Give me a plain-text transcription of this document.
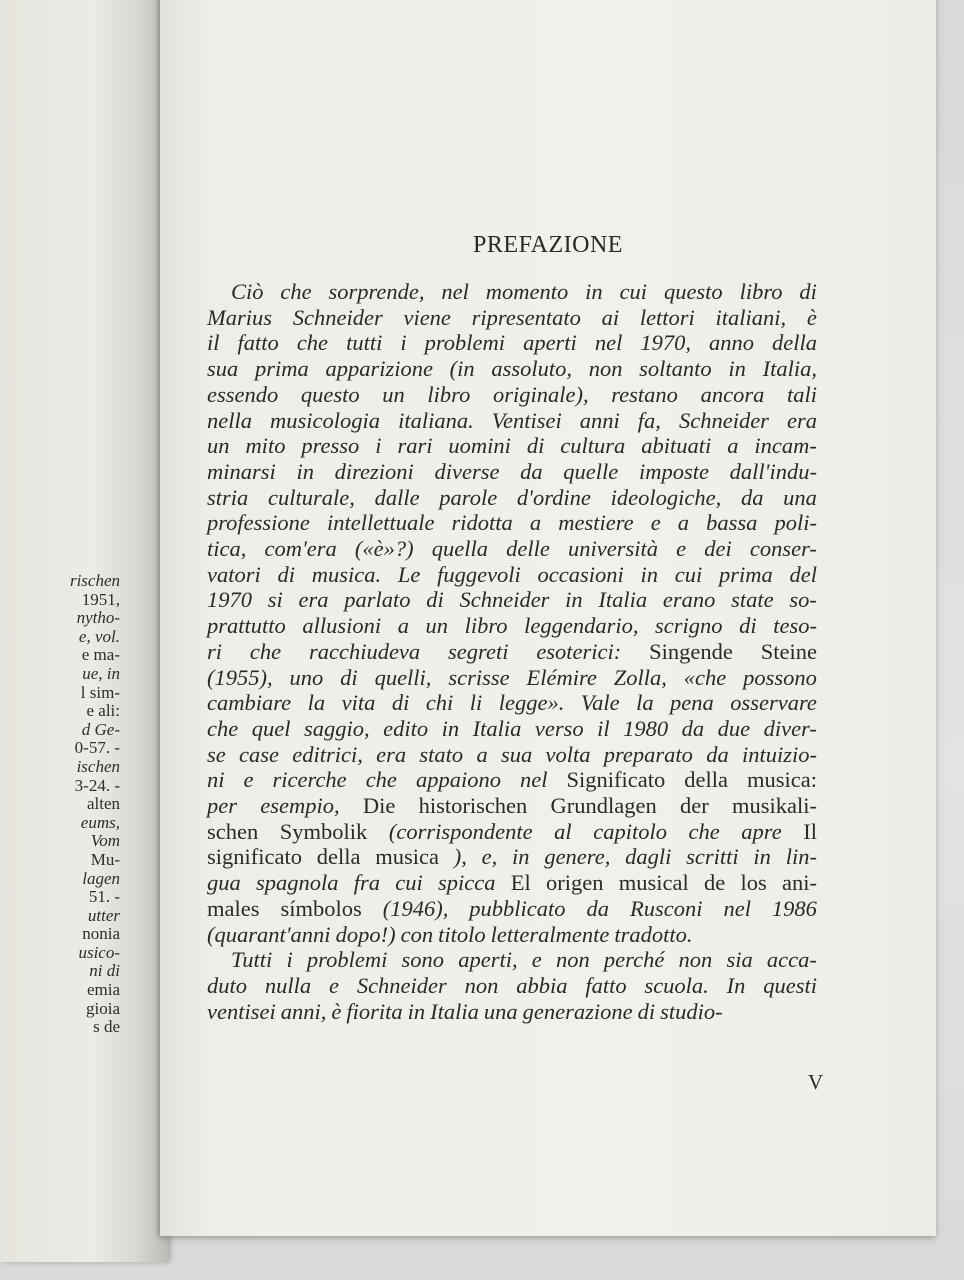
rischen
1951,
nytho-
e, vol.
e ma-
ue, in
l sim-
e ali:
d Ge-
0-57. -
ischen
3-24. -
alten
eums,
Vom
Mu-
lagen
51. -
utter
nonia
usico-
ni di
emia
gioia
s de
PREFAZIONE
Ciò che sorprende, nel momento in cui questo libro di
Marius Schneider viene ripresentato ai lettori italiani, è
il fatto che tutti i problemi aperti nel 1970, anno della
sua prima apparizione (in assoluto, non soltanto in Italia,
essendo questo un libro originale), restano ancora tali
nella musicologia italiana. Ventisei anni fa, Schneider era
un mito presso i rari uomini di cultura abituati a incam-
minarsi in direzioni diverse da quelle imposte dall'indu-
stria culturale, dalle parole d'ordine ideologiche, da una
professione intellettuale ridotta a mestiere e a bassa poli-
tica, com'era («è»?) quella delle università e dei conser-
vatori di musica. Le fuggevoli occasioni in cui prima del
1970 si era parlato di Schneider in Italia erano state so-
prattutto allusioni a un libro leggendario, scrigno di teso-
ri che racchiudeva segreti esoterici: Singende Steine
(1955), uno di quelli, scrisse Elémire Zolla, «che possono
cambiare la vita di chi li legge». Vale la pena osservare
che quel saggio, edito in Italia verso il 1980 da due diver-
se case editrici, era stato a sua volta preparato da intuizio-
ni e ricerche che appaiono nel Significato della musica:
per esempio, Die historischen Grundlagen der musikali-
schen Symbolik (corrispondente al capitolo che apre Il
significato della musica ), e, in genere, dagli scritti in lin-
gua spagnola fra cui spicca El origen musical de los ani-
males símbolos (1946), pubblicato da Rusconi nel 1986
(quarant'anni dopo!) con titolo letteralmente tradotto.
Tutti i problemi sono aperti, e non perché non sia acca-
duto nulla e Schneider non abbia fatto scuola. In questi
ventisei anni, è fiorita in Italia una generazione di studio-
V
